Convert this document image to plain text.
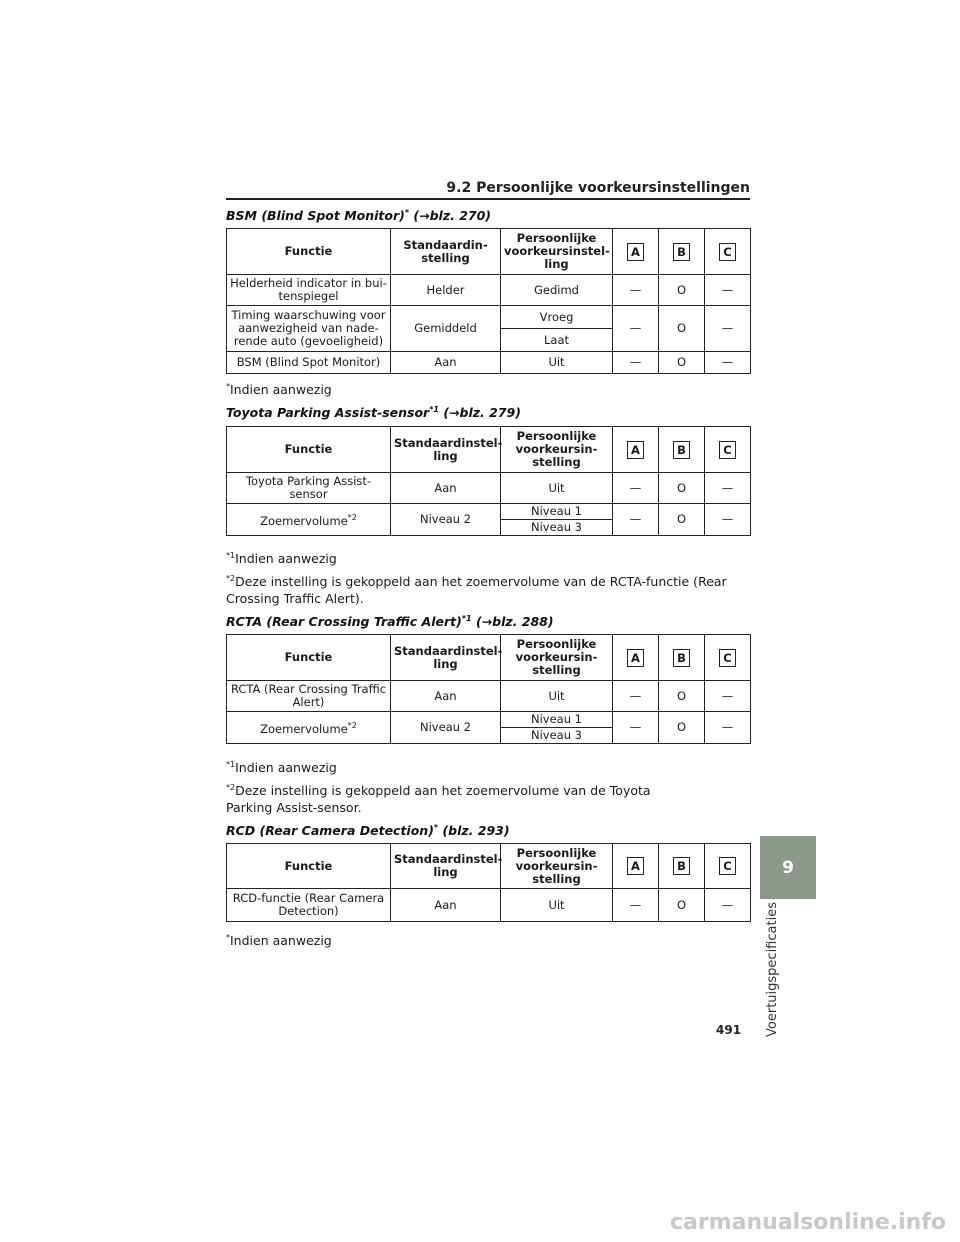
9.2 Persoonlijke voorkeursinstellingen
BSM (Blind Spot Monitor)* (→blz. 270)
Functie	Standaardin-stelling	Persoonlijke voorkeursinstel-ling	A	B	C
Helderheid indicator in bui-tenspiegel	Helder	Gedimd	—	O	—
Timing waarschuwing voor aanwezigheid van nade-rende auto (gevoeligheid)	Gemiddeld	Vroeg	—	O	—
		Laat			
BSM (Blind Spot Monitor)	Aan	Uit	—	O	—
*Indien aanwezig
Toyota Parking Assist-sensor$^{*1}$ (→blz. 279)
Functie	Standaardinstel-ling	Persoonlijke voorkeursin-stelling	A	B	C
Toyota Parking Assist-sensor	Aan	Uit	—	O	—
Zoemervolume$^{*2}$	Niveau 2	Niveau 1	—	O	—
		Niveau 3			
$^{*1}$Indien aanwezig
$^{*2}$Deze instelling is gekoppeld aan het zoemervolume van de RCTA-functie (Rear Crossing Traffic Alert).
RCTA (Rear Crossing Traffic Alert)$^{*1}$ (→blz. 288)
Functie	Standaardinstel-ling	Persoonlijke voorkeursin-stelling	A	B	C
RCTA (Rear Crossing Traffic Alert)	Aan	Uit	—	O	—
Zoemervolume$^{*2}$	Niveau 2	Niveau 1	—	O	—
		Niveau 3			
$^{*1}$Indien aanwezig
$^{*2}$Deze instelling is gekoppeld aan het zoemervolume van de Toyota Parking Assist-sensor.
RCD (Rear Camera Detection)* (blz. 293)
Functie	Standaardinstel-ling	Persoonlijke voorkeursin-stelling	A	B	C
RCD-functie (Rear Camera Detection)	Aan	Uit	—	O	—
*Indien aanwezig
9
Voertuigspecificaties
491
carmanualsonline.info
